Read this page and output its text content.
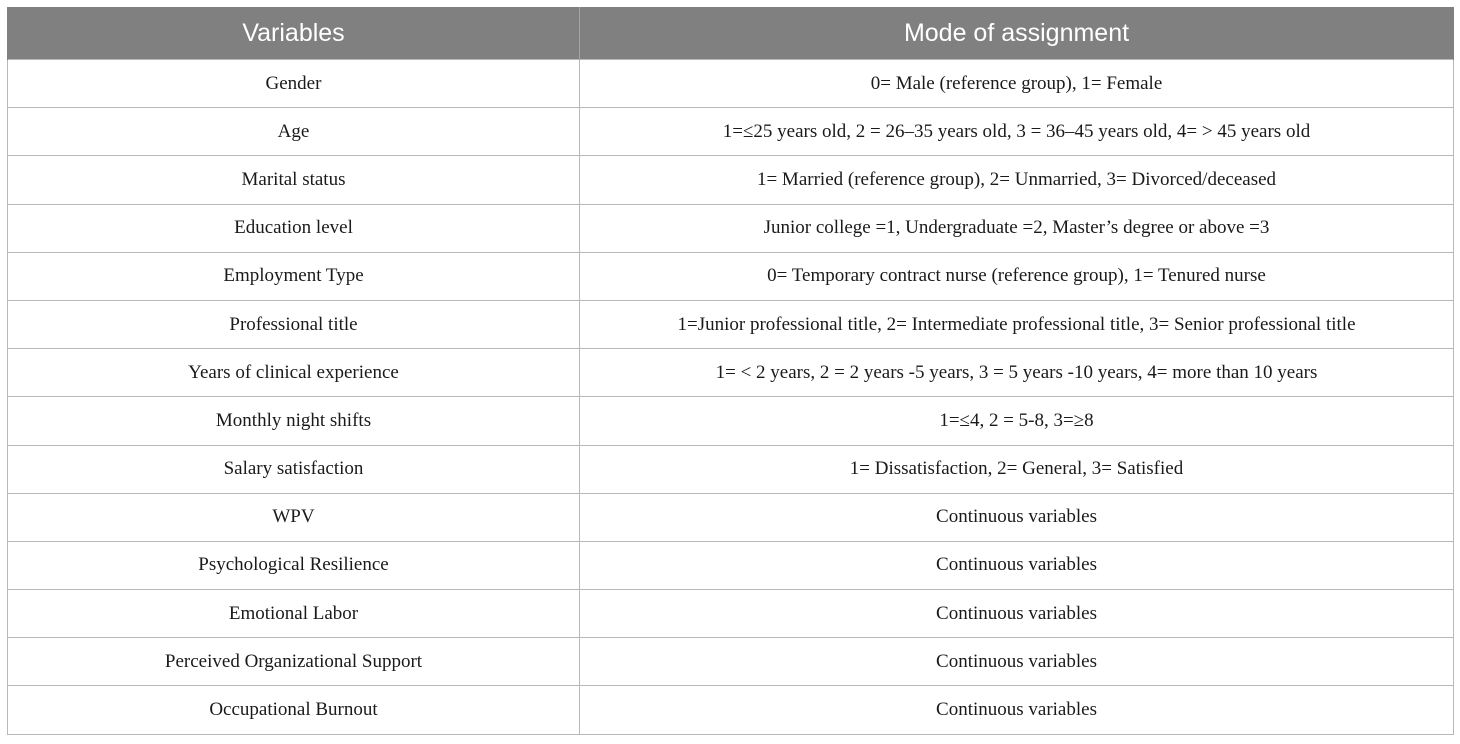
Variables	Mode of assignment
Gender	0= Male (reference group), 1= Female
Age	1=≤25 years old, 2 = 26–35 years old, 3 = 36–45 years old, 4= > 45 years old
Marital status	1= Married (reference group), 2= Unmarried, 3= Divorced/deceased
Education level	Junior college =1, Undergraduate =2, Master’s degree or above =3
Employment Type	0= Temporary contract nurse (reference group), 1= Tenured nurse
Professional title	1=Junior professional title, 2= Intermediate professional title, 3= Senior professional title
Years of clinical experience	1= < 2 years, 2 = 2 years -5 years, 3 = 5 years -10 years, 4= more than 10 years
Monthly night shifts	1=≤4, 2 = 5-8, 3=≥8
Salary satisfaction	1= Dissatisfaction, 2= General, 3= Satisfied
WPV	Continuous variables
Psychological Resilience	Continuous variables
Emotional Labor	Continuous variables
Perceived Organizational Support	Continuous variables
Occupational Burnout	Continuous variables
